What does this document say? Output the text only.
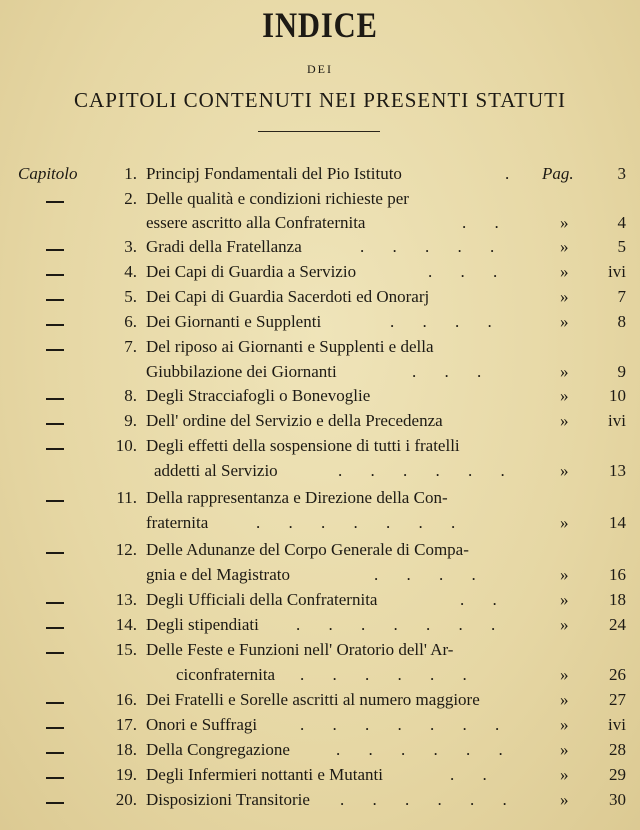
INDICE
DEI
CAPITOLI CONTENUTI NEI PRESENTI STATUTI
Capitolo	1. Principj Fondamentali del Pio Istituto	. Pag.	3
2. Delle qualità e condizioni richieste per
essere ascritto alla Confraternita	. .	»	4
3. Gradi della Fratellanza	. . . . .	»	5
4. Dei Capi di Guardia a Servizio	. . .	» ivi
5. Dei Capi di Guardia Sacerdoti ed Onorarj	»	7
6. Dei Giornanti e Supplenti	. . . .	»	8
7. Del riposo ai Giornanti e Supplenti e della
Giubbilazione dei Giornanti	. . .	»	9
8. Degli Stracciafogli o Bonevoglie	» 10
9. Dell' ordine del Servizio e della Precedenza	» ivi
10. Degli effetti della sospensione di tutti i fratelli
addetti al Servizio	. . . . . .	» 13
11. Della rappresentanza e Direzione della Con-
fraternita	. . . . . . .	» 14
12. Delle Adunanze del Corpo Generale di Compa-
gnia e del Magistrato	. . . .	» 16
13. Degli Ufficiali della Confraternita	. .	» 18
14. Degli stipendiati . . . . . . .	» 24
15. Delle Feste e Funzioni nell' Oratorio dell' Ar-
ciconfraternita . . . . . .	» 26
16. Dei Fratelli e Sorelle ascritti al numero maggiore	» 27
17. Onori e Suffragi	. . . . . . .	» ivi
18. Della Congregazione	. . . . . .	» 28
19. Degli Infermieri nottanti e Mutanti	. .	» 29
20. Disposizioni Transitorie . . . . . . » 30
